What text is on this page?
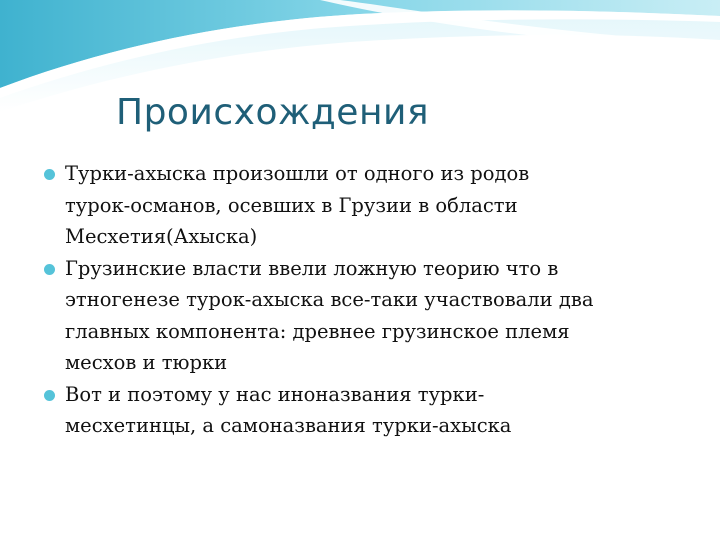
Происхождения
Турки-ахыска произошли от одного из родов
турок-османов, осевших в Грузии в области
Месхетия(Ахыска)
Грузинские власти ввели ложную теорию что в
этногенезе турок-ахыска все-таки участвовали два
главных компонента: древнее грузинское племя
месхов и тюрки
Вот и поэтому у нас иноназвания турки-
месхетинцы, а самоназвания турки-ахыска
